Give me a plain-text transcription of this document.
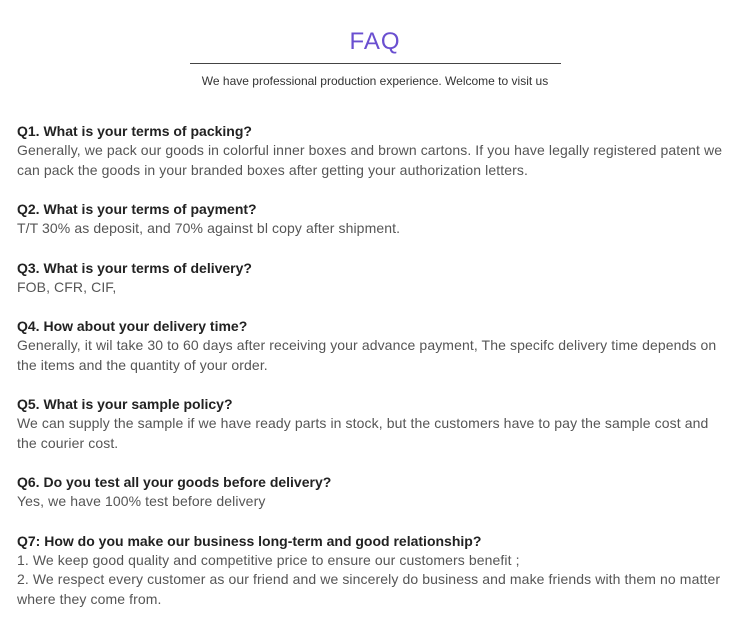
FAQ
We have professional production experience. Welcome to visit us
Q1. What is your terms of packing?
Generally, we pack our goods in colorful inner boxes and brown cartons. If you have legally registered patent we can pack the goods in your branded boxes after getting your authorization letters.
Q2. What is your terms of payment?
T/T 30% as deposit, and 70% against bl copy after shipment.
Q3. What is your terms of delivery?
FOB, CFR, CIF,
Q4. How about your delivery time?
Generally, it wil take 30 to 60 days after receiving your advance payment, The specifc delivery time depends on the items and the quantity of your order.
Q5. What is your sample policy?
We can supply the sample if we have ready parts in stock, but the customers have to pay the sample cost and the courier cost.
Q6. Do you test all your goods before delivery?
Yes, we have 100% test before delivery
Q7: How do you make our business long-term and good relationship?
1. We keep good quality and competitive price to ensure our customers benefit ;
2. We respect every customer as our friend and we sincerely do business and make friends with them no matter where they come from.
